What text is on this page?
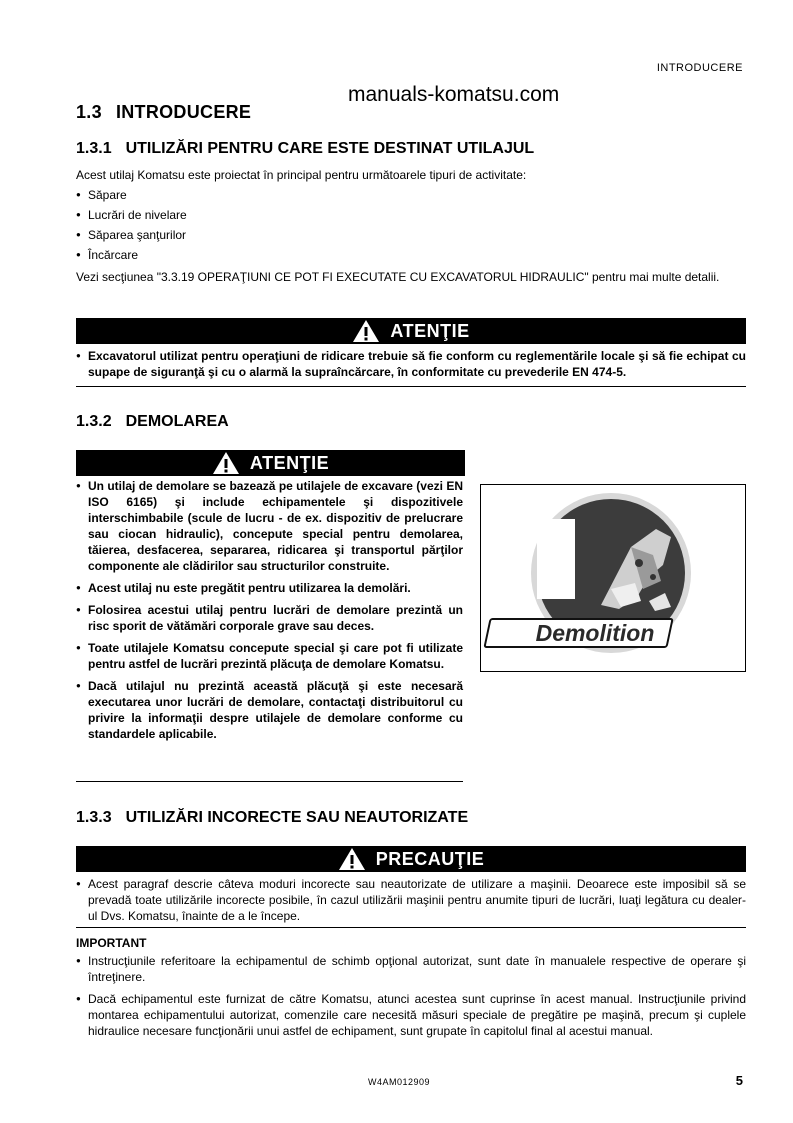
INTRODUCERE
manuals-komatsu.com
1.3 INTRODUCERE
1.3.1 UTILIZĂRI PENTRU CARE ESTE DESTINAT UTILAJUL
Acest utilaj Komatsu este proiectat în principal pentru următoarele tipuri de activitate:
● Săpare
● Lucrări de nivelare
● Săparea şanţurilor
● Încărcare
Vezi secţiunea "3.3.19 OPERAŢIUNI CE POT FI EXECUTATE CU EXCAVATORUL HIDRAULIC" pentru mai multe detalii.
ATENŢIE
● Excavatorul utilizat pentru operaţiuni de ridicare trebuie să fie conform cu reglementările locale şi să fie echipat cu supape de siguranţă şi cu o alarmă la supraîncărcare, în conformitate cu prevederile EN 474-5.
1.3.2 DEMOLAREA
ATENŢIE
● Un utilaj de demolare se bazează pe utilajele de excavare (vezi EN ISO 6165) şi include echipamentele şi dispozitivele interschimbabile (scule de lucru - de ex. dispozitiv de prelucrare sau ciocan hidraulic), concepute special pentru demolarea, tăierea, desfacerea, separarea, ridicarea şi transportul părţilor componente ale clădirilor sau structurilor construite.
● Acest utilaj nu este pregătit pentru utilizarea la demolări.
● Folosirea acestui utilaj pentru lucrări de demolare prezintă un risc sporit de vătămări corporale grave sau deces.
● Toate utilajele Komatsu concepute special şi care pot fi utilizate pentru astfel de lucrări prezintă plăcuţa de demolare Komatsu.
● Dacă utilajul nu prezintă această plăcuţă şi este necesară executarea unor lucrări de demolare, contactaţi distribuitorul cu privire la informaţii despre utilajele de demolare conforme cu standardele aplicabile.
Demolition
1.3.3 UTILIZĂRI INCORECTE SAU NEAUTORIZATE
PRECAUŢIE
● Acest paragraf descrie câteva moduri incorecte sau neautorizate de utilizare a maşinii. Deoarece este imposibil să se prevadă toate utilizările incorecte posibile, în cazul utilizării maşinii pentru anumite tipuri de lucrări, luaţi legătura cu dealer-ul Dvs. Komatsu, înainte de a le începe.
IMPORTANT
● Instrucţiunile referitoare la echipamentul de schimb opţional autorizat, sunt date în manualele respective de operare şi întreţinere.
● Dacă echipamentul este furnizat de către Komatsu, atunci acestea sunt cuprinse în acest manual. Instrucţiunile privind montarea echipamentului autorizat, comenzile care necesită măsuri speciale de pregătire pe maşină, precum şi cuplele hidraulice necesare funcţionării unui astfel de echipament, sunt grupate în capitolul final al acestui manual.
W4AM012909	5
